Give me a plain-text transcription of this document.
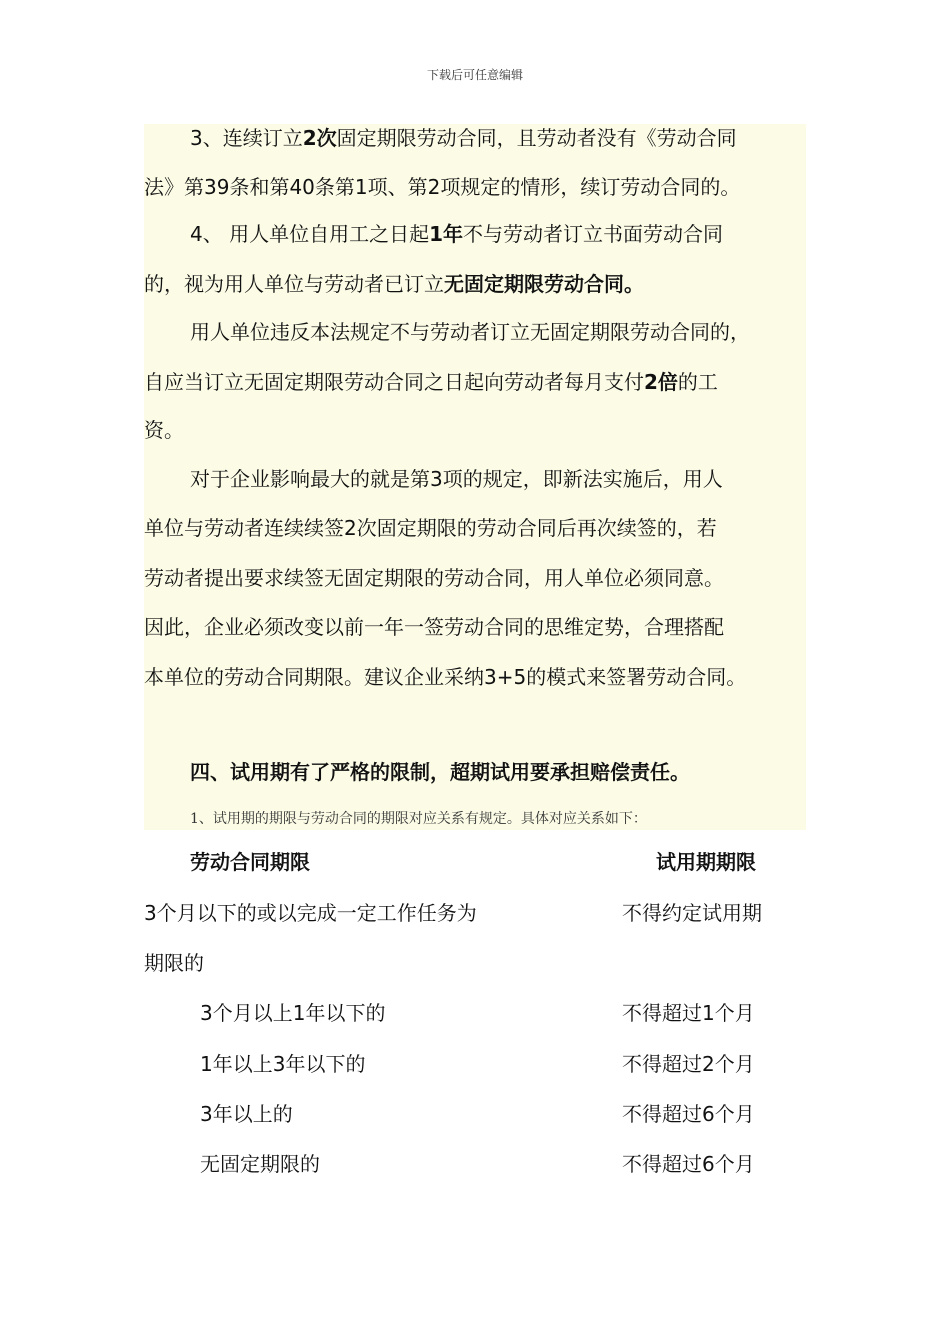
下载后可任意编辑
3、连续订立2次固定期限劳动合同，且劳动者没有《劳动合同
法》第39条和第40条第1项、第2项规定的情形，续订劳动合同的。
4、 用人单位自用工之日起1年不与劳动者订立书面劳动合同
的，视为用人单位与劳动者已订立无固定期限劳动合同。
用人单位违反本法规定不与劳动者订立无固定期限劳动合同的，
自应当订立无固定期限劳动合同之日起向劳动者每月支付2倍的工
资。
对于企业影响最大的就是第3项的规定，即新法实施后，用人
单位与劳动者连续续签2次固定期限的劳动合同后再次续签的，若
劳动者提出要求续签无固定期限的劳动合同，用人单位必须同意。
因此，企业必须改变以前一年一签劳动合同的思维定势，合理搭配
本单位的劳动合同期限。建议企业采纳3+5的模式来签署劳动合同。
四、试用期有了严格的限制，超期试用要承担赔偿责任。
1、试用期的期限与劳动合同的期限对应关系有规定。具体对应关系如下：
劳动合同期限	试用期期限
3个月以下的或以完成一定工作任务为	不得约定试用期
期限的
3个月以上1年以下的	不得超过1个月
1年以上3年以下的	不得超过2个月
3年以上的	不得超过6个月
无固定期限的	不得超过6个月
